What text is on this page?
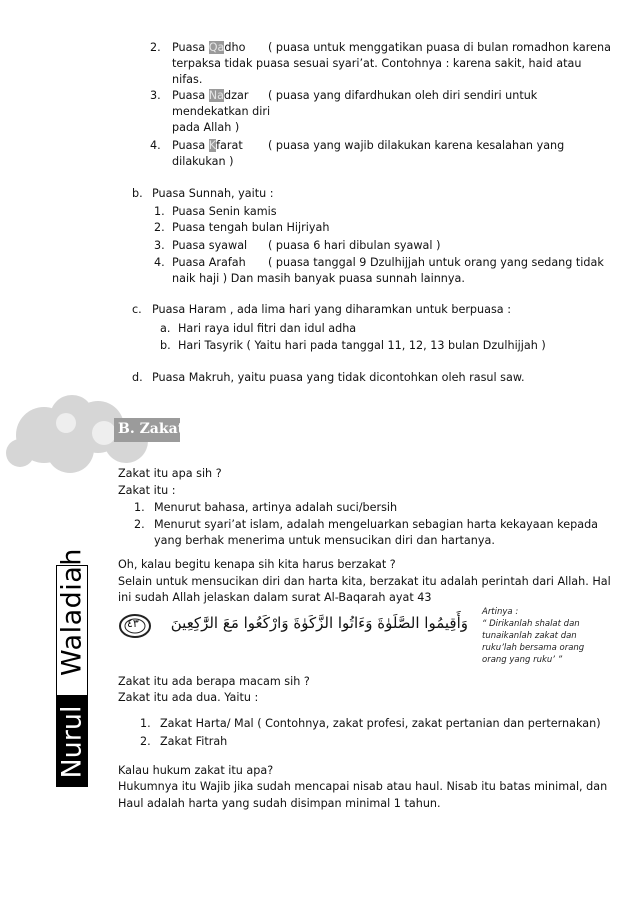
2. Puasa Qadho ( puasa untuk menggatikan puasa di bulan romadhon karena
terpaksa tidak puasa sesuai syari’at. Contohnya : karena sakit, haid atau
nifas.
3. Puasa Nadzar ( puasa yang difardhukan oleh diri sendiri untuk
mendekatkan diri
pada Allah )
4. Puasa Kfarat ( puasa yang wajib dilakukan karena kesalahan yang
dilakukan )
b. Puasa Sunnah, yaitu :
1. Puasa Senin kamis
2. Puasa tengah bulan Hijriyah
3. Puasa syawal ( puasa 6 hari dibulan syawal )
4. Puasa Arafah ( puasa tanggal 9 Dzulhijjah untuk orang yang sedang tidak
naik haji ) Dan masih banyak puasa sunnah lainnya.
c. Puasa Haram , ada lima hari yang diharamkan untuk berpuasa :
a. Hari raya idul fitri dan idul adha
b. Hari Tasyrik ( Yaitu hari pada tanggal 11, 12, 13 bulan Dzulhijjah )
d. Puasa Makruh, yaitu puasa yang tidak dicontohkan oleh rasul saw.
B. Zakat
Zakat itu apa sih ?
Zakat itu :
1. Menurut bahasa, artinya adalah suci/bersih
2. Menurut syari’at islam, adalah mengeluarkan sebagian harta kekayaan kepada
yang berhak menerima untuk mensucikan diri dan hartanya.
Oh, kalau begitu kenapa sih kita harus berzakat ?
Selain untuk mensucikan diri dan harta kita, berzakat itu adalah perintah dari Allah. Hal
ini sudah Allah jelaskan dalam surat Al-Baqarah ayat 43
٤٣	وَأَقِيمُوا الصَّلَوٰةَ وَءَاتُوا الزَّكَوٰةَ وَارْكَعُوا مَعَ الرَّٰكِعِينَ
Artinya :
“ Dirikanlah shalat dan
tunaikanlah zakat dan
ruku’lah bersama orang
orang yang ruku’ ”
Zakat itu ada berapa macam sih ?
Zakat itu ada dua. Yaitu :
1. Zakat Harta/ Mal ( Contohnya, zakat profesi, zakat pertanian dan perternakan)
2. Zakat Fitrah
Kalau hukum zakat itu apa?
Hukumnya itu Wajib jika sudah mencapai nisab atau haul. Nisab itu batas minimal, dan
Haul adalah harta yang sudah disimpan minimal 1 tahun.
Waladiah
Nurul
